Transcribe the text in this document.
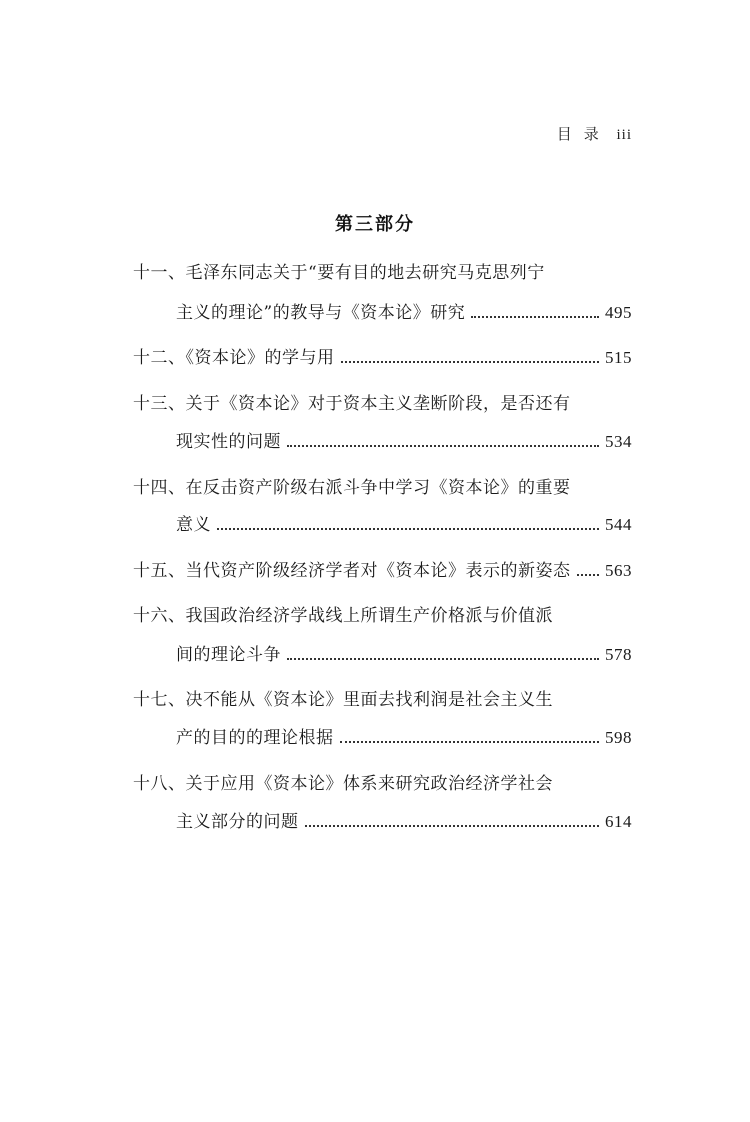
目录 iii
第三部分
十一、毛泽东同志关于“要有目的地去研究马克思列宁
主义的理论”的教导与《资本论》研究	495
十二、《资本论》的学与用	515
十三、关于《资本论》对于资本主义垄断阶段，是否还有
现实性的问题	534
十四、在反击资产阶级右派斗争中学习《资本论》的重要
意义	544
十五、当代资产阶级经济学者对《资本论》表示的新姿态 563
十六、我国政治经济学战线上所谓生产价格派与价值派
间的理论斗争	578
十七、决不能从《资本论》里面去找利润是社会主义生
产的目的的理论根据	598
十八、关于应用《资本论》体系来研究政治经济学社会
主义部分的问题	614
